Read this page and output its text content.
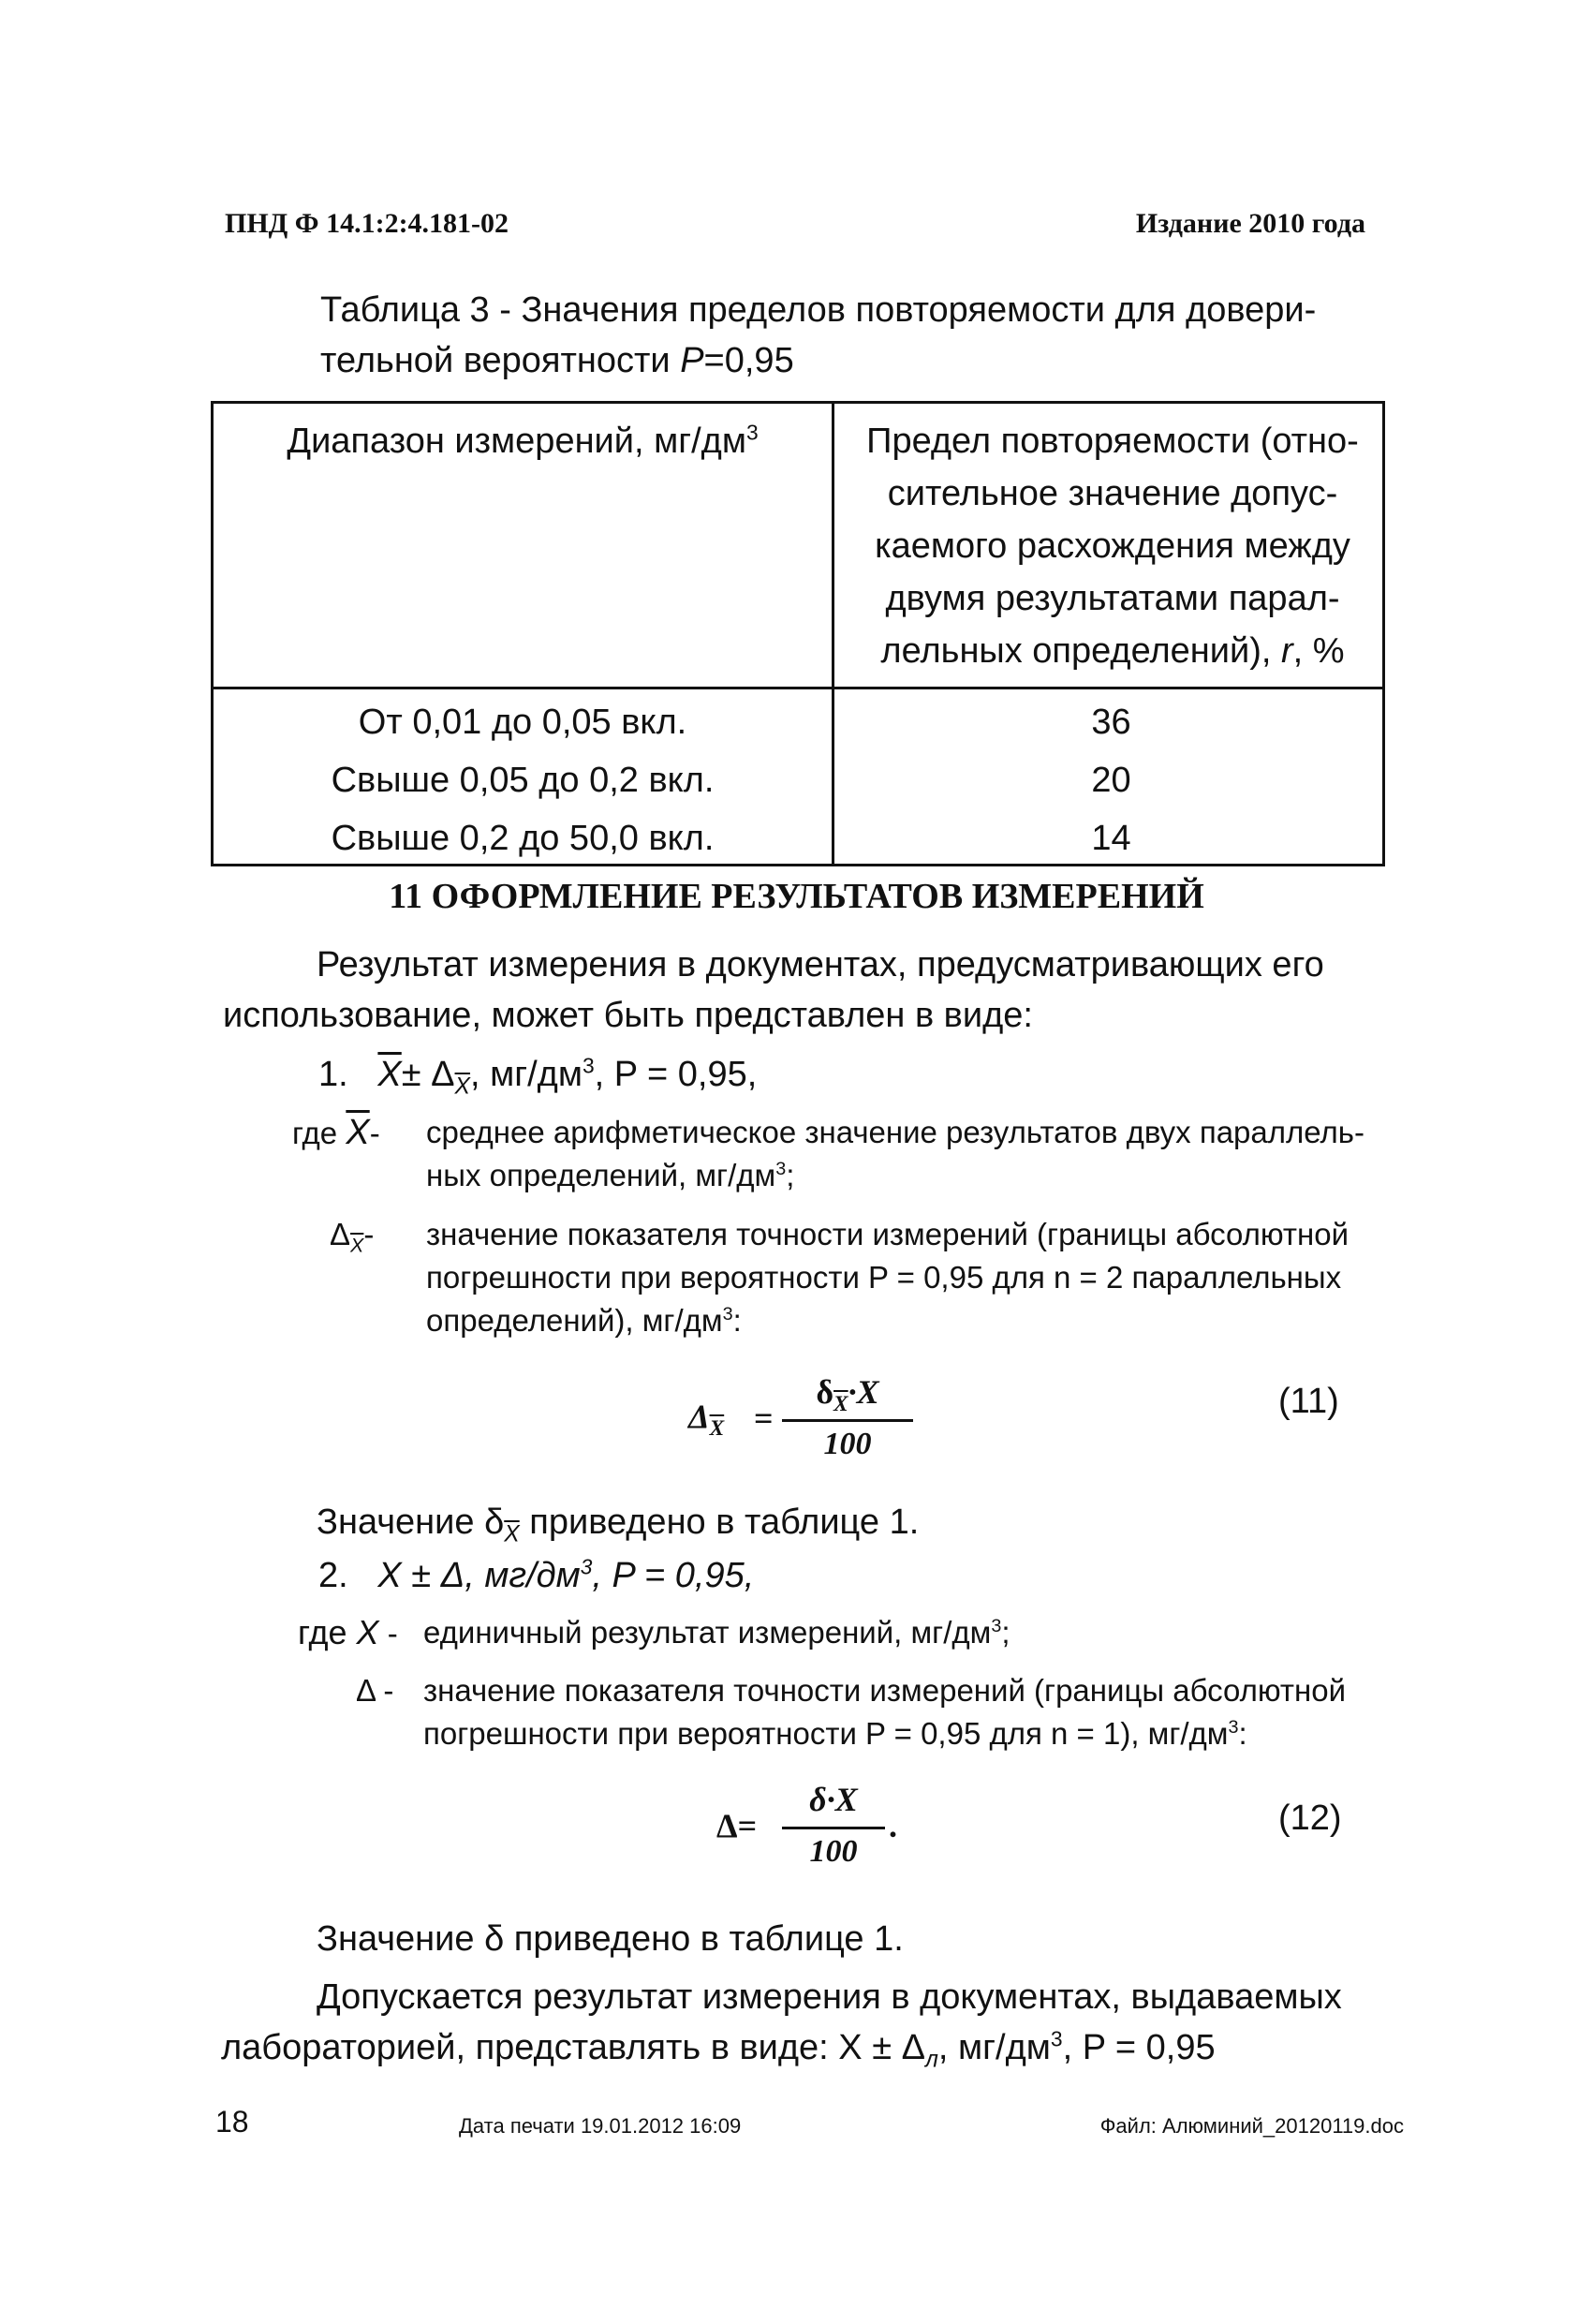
ПНД Ф 14.1:2:4.181-02	Издание 2010 года
Таблица 3 - Значения пределов повторяемости для довери-
тельной вероятности P=0,95
Диапазон измерений, $мг/дм^3$	Предел повторяемости (отно-
сительное значение допус-
каемого расхождения между
двумя результатами парал-
лельных определений), r, %
От 0,01 до 0,05 вкл.	36
Свыше 0,05 до 0,2 вкл.	20
Свыше 0,2 до 50,0 вкл.	14
11 ОФОРМЛЕНИЕ РЕЗУЛЬТАТОВ ИЗМЕРЕНИЙ
Результат измерения в документах, предусматривающих его
использование, может быть представлен в виде:
1. $\overline{X}\pm \Delta_{\overline{X}}$, $мг/дм^3$, P = 0,95,
где $\overline{X}-$ среднее арифметическое значение результатов двух параллель-
ных определений, $мг/дм^3$;
$\Delta_{\overline{X}}-$ значение показателя точности измерений (границы абсолютной
погрешности при вероятности P = 0,95 для n = 2 параллельных
определений), $мг/дм^3$:
$\Delta_{\overline{X}}$ =
$\delta_{\overline{X}}\cdot X$
100
(11)
Значение $\delta_{\overline{X}}$ приведено в таблице 1.
2. X ± Δ, $мг/дм^3$, P = 0,95,
где X - единичный результат измерений, $мг/дм^3$;
Δ - значение показателя точности измерений (границы абсолютной
погрешности при вероятности P = 0,95 для n = 1), $мг/дм^3$:
Δ=
δ·X
100
.	(12)
Значение δ приведено в таблице 1.
Допускается результат измерения в документах, выдаваемых
лабораторией, представлять в виде: $X \pm \Delta_л$, $мг/дм^3$, P = 0,95
18	Дата печати 19.01.2012 16:09	Файл: Алюминий_20120119.doc
